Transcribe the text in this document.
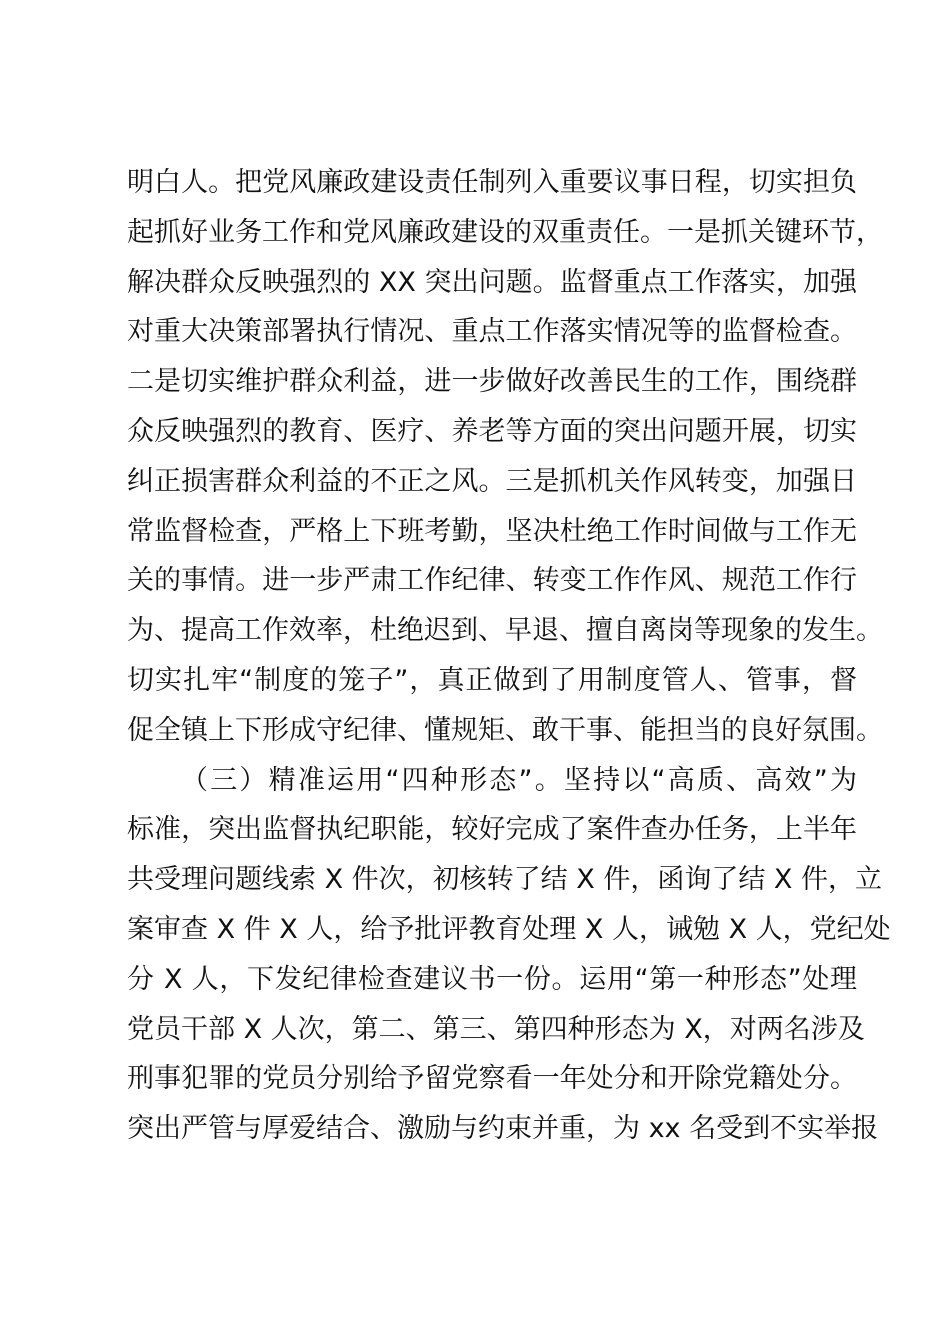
明白人。把党风廉政建设责任制列入重要议事日程，切实担负
起抓好业务工作和党风廉政建设的双重责任。一是抓关键环节，
解决群众反映强烈的 XX 突出问题。监督重点工作落实，加强
对重大决策部署执行情况、重点工作落实情况等的监督检查。
二是切实维护群众利益，进一步做好改善民生的工作，围绕群
众反映强烈的教育、医疗、养老等方面的突出问题开展，切实
纠正损害群众利益的不正之风。三是抓机关作风转变，加强日
常监督检查，严格上下班考勤，坚决杜绝工作时间做与工作无
关的事情。进一步严肃工作纪律、转变工作作风、规范工作行
为、提高工作效率，杜绝迟到、早退、擅自离岗等现象的发生。
切实扎牢“制度的笼子”，真正做到了用制度管人、管事，督
促全镇上下形成守纪律、懂规矩、敢干事、能担当的良好氛围。
（三）精准运用“四种形态”。坚持以“高质、高效”为
标准，突出监督执纪职能，较好完成了案件查办任务，上半年
共受理问题线索 X 件次，初核转了结 X 件，函询了结 X 件，立
案审查 X 件 X 人，给予批评教育处理 X 人，诫勉 X 人，党纪处
分 X 人，下发纪律检查建议书一份。运用“第一种形态”处理
党员干部 X 人次，第二、第三、第四种形态为 X，对两名涉及
刑事犯罪的党员分别给予留党察看一年处分和开除党籍处分。
突出严管与厚爱结合、激励与约束并重，为 xx 名受到不实举报
